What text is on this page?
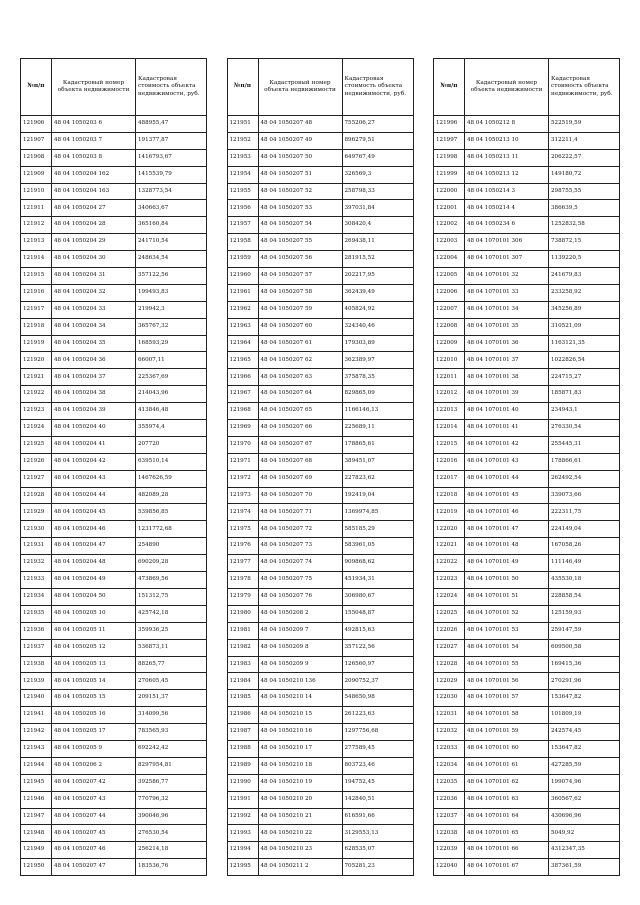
№п/п	Кадастровый номер объекта недвижимости	Кадастровая стоимость объекта недвижимости, руб.
121906	48 04 1050203 6	488955,47
121907	48 04 1050203 7	191377,87
121908	48 04 1050203 8	1416793,67
121909	48 04 1050204 162	1415539,79
121910	48 04 1050204 163	1328773,54
121911	48 04 1050204 27	340663,67
121912	48 04 1050204 28	365160,84
121913	48 04 1050204 29	241710,54
121914	48 04 1050204 30	248634,54
121915	48 04 1050204 31	357122,56
121916	48 04 1050204 32	199493,83
121917	48 04 1050204 33	219942,3
121918	48 04 1050204 34	365767,32
121919	48 04 1050204 35	168593,29
121920	48 04 1050204 36	66007,11
121921	48 04 1050204 37	225367,69
121922	48 04 1050204 38	214043,96
121923	48 04 1050204 39	413846,48
121924	48 04 1050204 40	355974,4
121925	48 04 1050204 41	207720
121926	48 04 1050204 42	639510,14
121927	48 04 1050204 43	1467626,59
121928	48 04 1050204 44	482089,28
121929	48 04 1050204 45	539856,85
121930	48 04 1050204 46	1231772,68
121931	48 04 1050204 47	254890
121932	48 04 1050204 48	690209,28
121933	48 04 1050204 49	473869,56
121934	48 04 1050204 50	151312,75
121935	48 04 1050205 10	425742,18
121936	48 04 1050205 11	359936,25
121937	48 04 1050205 12	536873,11
121938	48 04 1050205 13	88265,77
121939	48 04 1050205 14	270605,45
121940	48 04 1050205 15	209151,37
121941	48 04 1050205 16	314099,56
121942	48 04 1050205 17	783565,93
121943	48 04 1050205 9	692242,42
121944	48 04 1050206 2	8297954,81
121945	48 04 1050207 42	392586,77
121946	48 04 1050207 43	770796,32
121947	48 04 1050207 44	390046,96
121948	48 04 1050207 45	276530,54
121949	48 04 1050207 46	256214,18
121950	48 04 1050207 47	183536,76
№п/п	Кадастровый номер объекта недвижимости	Кадастровая стоимость объекта недвижимости, руб.
121951	48 04 1050207 48	755206,27
121952	48 04 1050207 49	896279,51
121953	48 04 1050207 50	649767,49
121954	48 04 1050207 51	326569,3
121955	48 04 1050207 52	258798,33
121956	48 04 1050207 53	397031,84
121957	48 04 1050207 54	308420,4
121958	48 04 1050207 55	269438,11
121959	48 04 1050207 56	281915,52
121960	48 04 1050207 57	202217,95
121961	48 04 1050207 58	362439,49
121962	48 04 1050207 59	405824,92
121963	48 04 1050207 60	324340,46
121964	48 04 1050207 61	179303,89
121965	48 04 1050207 62	362389,97
121966	48 04 1050207 63	375878,35
121967	48 04 1050207 64	829865,09
121968	48 04 1050207 65	1166146,13
121969	48 04 1050207 66	225689,11
121970	48 04 1050207 67	178865,61
121971	48 04 1050207 68	389451,07
121972	48 04 1050207 69	227823,62
121973	48 04 1050207 70	192419,04
121974	48 04 1050207 71	1369974,85
121975	48 04 1050207 72	585185,29
121976	48 04 1050207 73	583961,05
121977	48 04 1050207 74	909868,62
121978	48 04 1050207 75	451934,31
121979	48 04 1050207 76	306980,67
121980	48 04 1050208 2	155048,87
121981	48 04 1050209 7	492815,63
121982	48 04 1050209 8	357122,56
121983	48 04 1050209 9	126560,97
121984	48 04 1050210 136	2090752,37
121985	48 04 1050210 14	548650,98
121986	48 04 1050210 15	261223,63
121987	48 04 1050210 16	1297756,68
121988	48 04 1050210 17	277589,45
121989	48 04 1050210 18	803723,46
121990	48 04 1050210 19	194752,45
121991	48 04 1050210 20	142840,51
121992	48 04 1050210 21	616591,66
121993	48 04 1050210 22	3129553,13
121994	48 04 1050210 23	628535,07
121995	48 04 1050211 2	705281,23
№п/п	Кадастровый номер объекта недвижимости	Кадастровая стоимость объекта недвижимости, руб.
121996	48 04 1050212 8	522519,59
121997	48 04 1050213 10	312211,4
121998	48 04 1050213 11	206222,57
121999	48 04 1050213 12	149180,72
122000	48 04 1050214 3	298755,55
122001	48 04 1050214 4	386639,5
122002	48 04 1050234 6	1252832,58
122003	48 04 1070101 306	738872,15
122004	48 04 1070101 307	1139220,5
122005	48 04 1070101 32	241679,83
122006	48 04 1070101 33	233258,92
122007	48 04 1070101 34	345256,89
122008	48 04 1070101 35	310521,09
122009	48 04 1070101 36	1163121,35
122010	48 04 1070101 37	1022826,54
122011	48 04 1070101 38	224715,27
122012	48 04 1070101 39	185871,83
122013	48 04 1070101 40	234943,1
122014	48 04 1070101 41	276330,54
122015	48 04 1070101 42	255445,31
122016	48 04 1070101 43	178866,61
122017	48 04 1070101 44	262492,54
122018	48 04 1070101 45	339073,66
122019	48 04 1070101 46	222311,75
122020	48 04 1070101 47	224149,04
122021	48 04 1070101 48	167058,26
122022	48 04 1070101 49	111146,49
122023	48 04 1070101 50	435530,18
122024	48 04 1070101 51	228858,54
122025	48 04 1070101 52	125159,93
122026	48 04 1070101 53	259147,59
122027	48 04 1070101 54	609500,58
122028	48 04 1070101 55	169415,36
122029	48 04 1070101 56	270291,96
122030	48 04 1070101 57	153647,82
122031	48 04 1070101 58	101809,19
122032	48 04 1070101 59	242574,45
122033	48 04 1070101 60	153647,82
122034	48 04 1070101 61	427285,59
122035	48 04 1070101 62	199074,96
122036	48 04 1070101 63	360567,62
122037	48 04 1070101 64	430696,96
122038	48 04 1070101 65	5049,92
122039	48 04 1070101 66	4312347,35
122040	48 04 1070101 67	387361,59
